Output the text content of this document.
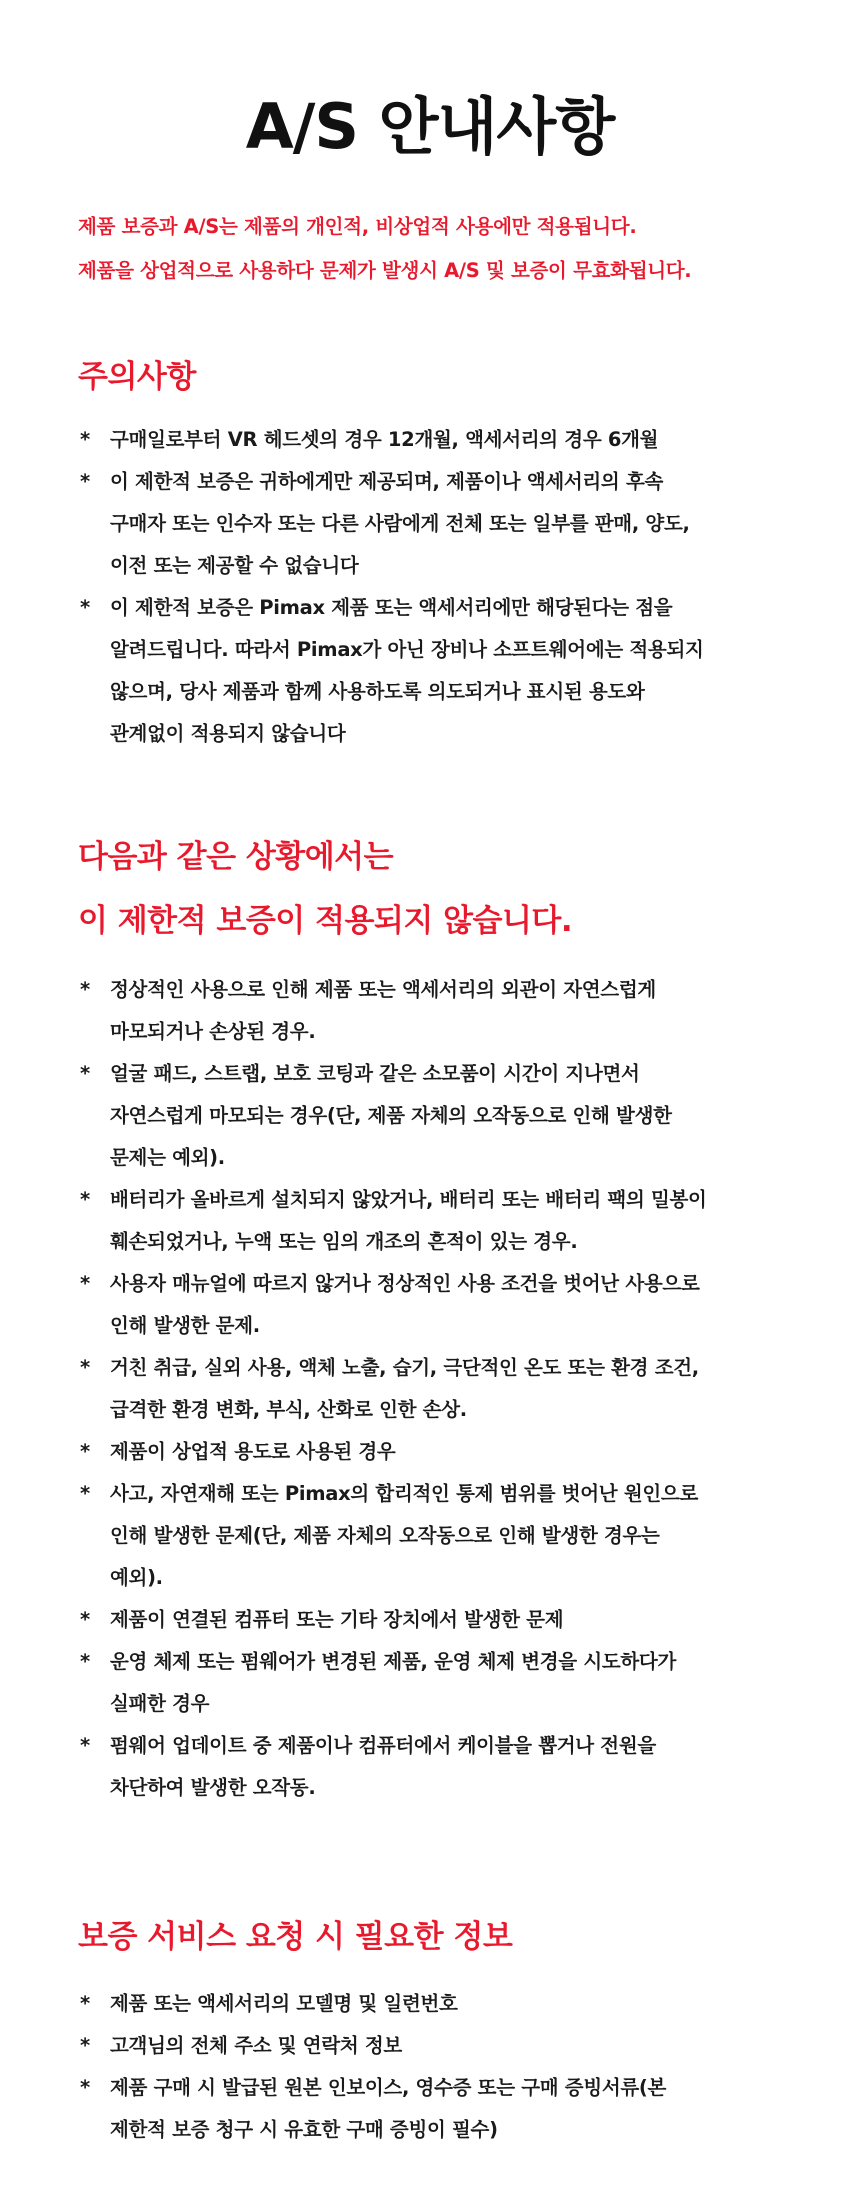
A/S 안내사항

제품 보증과 A/S는 제품의 개인적, 비상업적 사용에만 적용됩니다.

제품을 상업적으로 사용하다 문제가 발생시 A/S 및 보증이 무효화됩니다.

주의사항
* 구매일로부터 VR 헤드셋의 경우 12개월, 액세서리의 경우 6개월
* 이 제한적 보증은 귀하에게만 제공되며, 제품이나 액세서리의 후속
구매자 또는 인수자 또는 다른 사람에게 전체 또는 일부를 판매, 양도,
이전 또는 제공할 수 없습니다
* 이 제한적 보증은 Pimax 제품 또는 액세서리에만 해당된다는 점을
알려드립니다. 따라서 Pimax가 아닌 장비나 소프트웨어에는 적용되지
않으며, 당사 제품과 함께 사용하도록 의도되거나 표시된 용도와
관계없이 적용되지 않습니다
다음과 같은 상황에서는
이 제한적 보증이 적용되지 않습니다.
* 정상적인 사용으로 인해 제품 또는 액세서리의 외관이 자연스럽게
마모되거나 손상된 경우.
* 얼굴 패드, 스트랩, 보호 코팅과 같은 소모품이 시간이 지나면서
자연스럽게 마모되는 경우(단, 제품 자체의 오작동으로 인해 발생한
문제는 예외).
* 배터리가 올바르게 설치되지 않았거나, 배터리 또는 배터리 팩의 밀봉이
훼손되었거나, 누액 또는 임의 개조의 흔적이 있는 경우.
* 사용자 매뉴얼에 따르지 않거나 정상적인 사용 조건을 벗어난 사용으로
인해 발생한 문제.
* 거친 취급, 실외 사용, 액체 노출, 습기, 극단적인 온도 또는 환경 조건,
급격한 환경 변화, 부식, 산화로 인한 손상.
* 제품이 상업적 용도로 사용된 경우
* 사고, 자연재해 또는 Pimax의 합리적인 통제 범위를 벗어난 원인으로
인해 발생한 문제(단, 제품 자체의 오작동으로 인해 발생한 경우는
예외).
* 제품이 연결된 컴퓨터 또는 기타 장치에서 발생한 문제
* 운영 체제 또는 펌웨어가 변경된 제품, 운영 체제 변경을 시도하다가
실패한 경우
* 펌웨어 업데이트 중 제품이나 컴퓨터에서 케이블을 뽑거나 전원을
차단하여 발생한 오작동.
보증 서비스 요청 시 필요한 정보
* 제품 또는 액세서리의 모델명 및 일련번호
* 고객님의 전체 주소 및 연락처 정보
* 제품 구매 시 발급된 원본 인보이스, 영수증 또는 구매 증빙서류(본
제한적 보증 청구 시 유효한 구매 증빙이 필수)
